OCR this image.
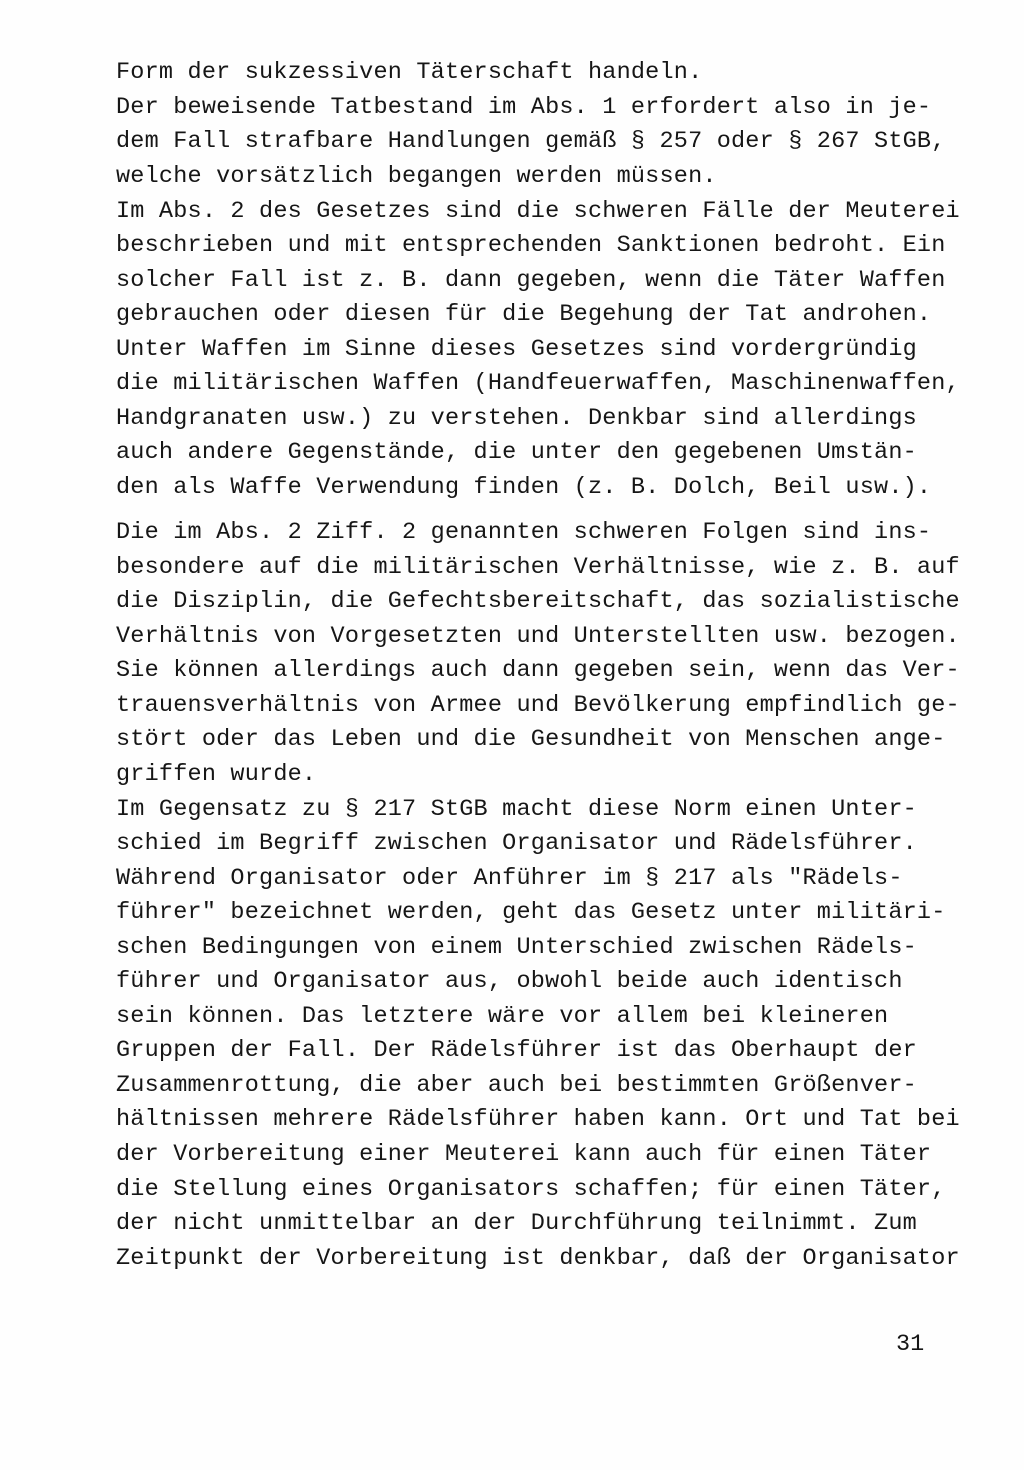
Form der sukzessiven Täterschaft handeln.

Der beweisende Tatbestand im Abs. 1 erfordert also in je-

dem Fall strafbare Handlungen gemäß § 257 oder § 267 StGB,

welche vorsätzlich begangen werden müssen.

Im Abs. 2 des Gesetzes sind die schweren Fälle der Meuterei

beschrieben und mit entsprechenden Sanktionen bedroht. Ein

solcher Fall ist z. B. dann gegeben, wenn die Täter Waffen

gebrauchen oder diesen für die Begehung der Tat androhen.

Unter Waffen im Sinne dieses Gesetzes sind vordergründig

die militärischen Waffen (Handfeuerwaffen, Maschinenwaffen,

Handgranaten usw.) zu verstehen. Denkbar sind allerdings

auch andere Gegenstände, die unter den gegebenen Umstän-

den als Waffe Verwendung finden (z. B. Dolch, Beil usw.).

Die im Abs. 2 Ziff. 2 genannten schweren Folgen sind ins-

besondere auf die militärischen Verhältnisse, wie z. B. auf

die Disziplin, die Gefechtsbereitschaft, das sozialistische

Verhältnis von Vorgesetzten und Unterstellten usw. bezogen.

Sie können allerdings auch dann gegeben sein, wenn das Ver-

trauensverhältnis von Armee und Bevölkerung empfindlich ge-

stört oder das Leben und die Gesundheit von Menschen ange-

griffen wurde.

Im Gegensatz zu § 217 StGB macht diese Norm einen Unter-

schied im Begriff zwischen Organisator und Rädelsführer.

Während Organisator oder Anführer im § 217 als "Rädels-

führer" bezeichnet werden, geht das Gesetz unter militäri-

schen Bedingungen von einem Unterschied zwischen Rädels-

führer und Organisator aus, obwohl beide auch identisch

sein können. Das letztere wäre vor allem bei kleineren

Gruppen der Fall. Der Rädelsführer ist das Oberhaupt der

Zusammenrottung, die aber auch bei bestimmten Größenver-

hältnissen mehrere Rädelsführer haben kann. Ort und Tat bei

der Vorbereitung einer Meuterei kann auch für einen Täter

die Stellung eines Organisators schaffen; für einen Täter,

der nicht unmittelbar an der Durchführung teilnimmt. Zum

Zeitpunkt der Vorbereitung ist denkbar, daß der Organisator

31
